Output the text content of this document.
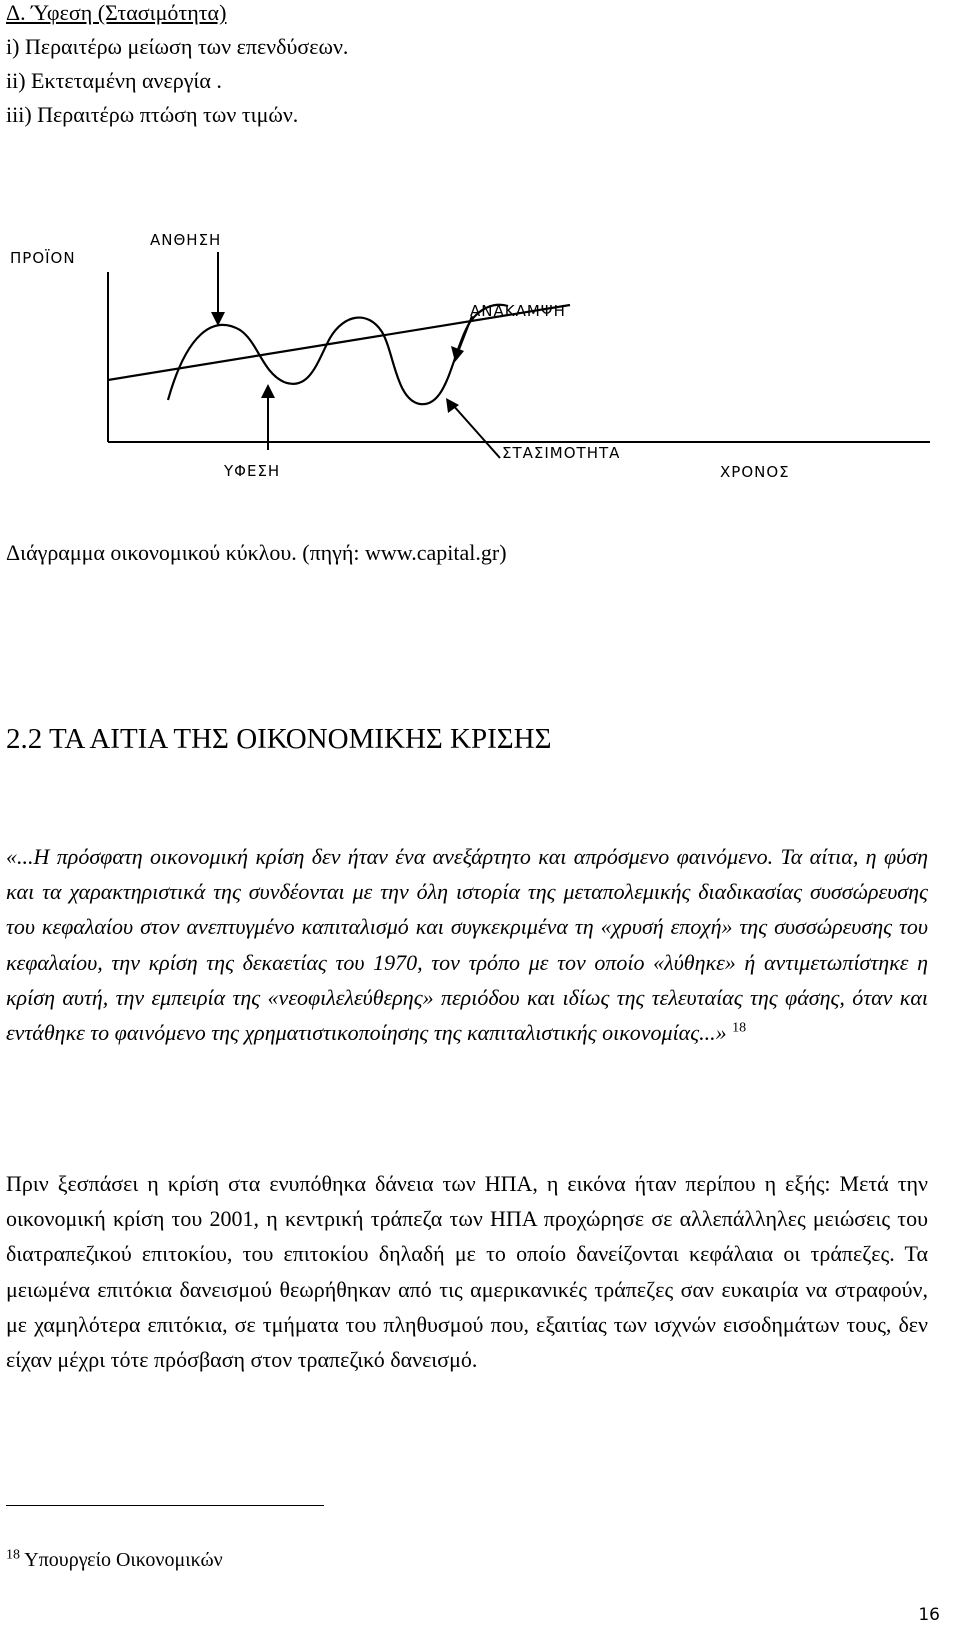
Δ. Ύφεση (Στασιμότητα)
i) Περαιτέρω μείωση των επενδύσεων.
ii) Εκτεταμένη ανεργία .
iii) Περαιτέρω πτώση των τιμών.
ΠΡΟΪΟΝ
ΑΝΘΗΣΗ
ΑΝΑΚΑΜΨΗ
ΥΦΕΣΗ
ΣΤΑΣΙΜΟΤΗΤΑ
ΧΡΟΝΟΣ
Διάγραμμα οικονομικού κύκλου. (πηγή: www.capital.gr)
2.2 ΤΑ ΑΙΤΙΑ ΤΗΣ ΟΙΚΟΝΟΜΙΚΗΣ ΚΡΙΣΗΣ

«...Η πρόσφατη οικονομική κρίση δεν ήταν ένα ανεξάρτητο και απρόσμενο φαινόμενο. Τα αίτια, η φύση και τα χαρακτηριστικά της συνδέονται με την όλη ιστορία της μεταπολεμικής διαδικασίας συσσώρευσης του κεφαλαίου στον ανεπτυγμένο καπιταλισμό και συγκεκριμένα τη «χρυσή εποχή» της συσσώρευσης του κεφαλαίου, την κρίση της δεκαετίας του 1970, τον τρόπο με τον οποίο «λύθηκε» ή αντιμετωπίστηκε η κρίση αυτή, την εμπειρία της «νεοφιλελεύθερης» περιόδου και ιδίως της τελευταίας της φάσης, όταν και εντάθηκε το φαινόμενο της χρηματιστικοποίησης της καπιταλιστικής οικονομίας...» $^{18}$

Πριν ξεσπάσει η κρίση στα ενυπόθηκα δάνεια των ΗΠΑ, η εικόνα ήταν περίπου η εξής: Μετά την οικονομική κρίση του 2001, η κεντρική τράπεζα των ΗΠΑ προχώρησε σε αλλεπάλληλες μειώσεις του διατραπεζικού επιτοκίου, του επιτοκίου δηλαδή με το οποίο δανείζονται κεφάλαια οι τράπεζες. Τα μειωμένα επιτόκια δανεισμού θεωρήθηκαν από τις αμερικανικές τράπεζες σαν ευκαιρία να στραφούν, με χαμηλότερα επιτόκια, σε τμήματα του πληθυσμού που, εξαιτίας των ισχνών εισοδημάτων τους, δεν είχαν μέχρι τότε πρόσβαση στον τραπεζικό δανεισμό.

$^{18}$ Υπουργείο Οικονομικών
16
